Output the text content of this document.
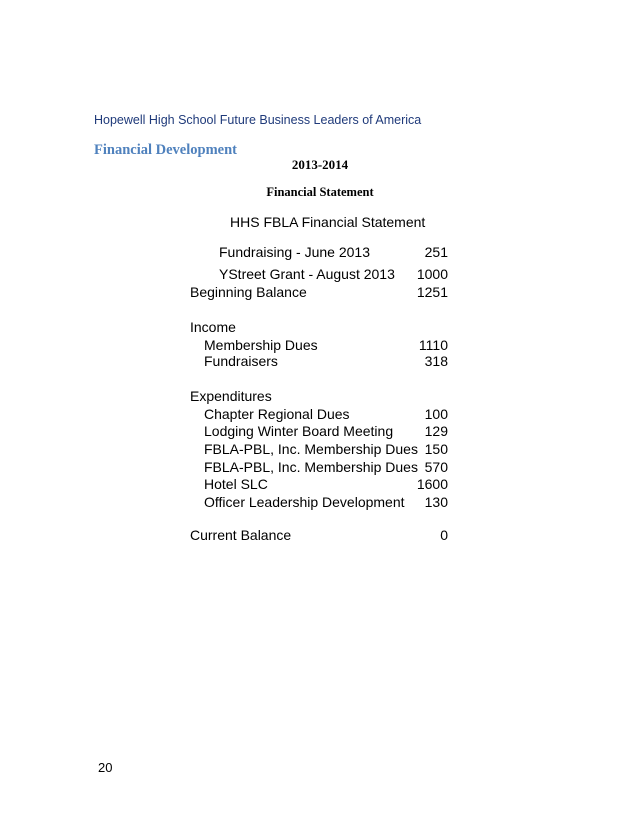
Hopewell High School Future Business Leaders of America
Financial Development
2013-2014
Financial Statement
HHS FBLA Financial Statement
Fundraising - June 2013	251
YStreet Grant - August 2013 1000
Beginning Balance	1251
Income
Membership Dues	1110
Fundraisers	318
Expenditures
Chapter Regional Dues	100
Lodging Winter Board Meeting 129
FBLA-PBL, Inc. Membership Dues 150
FBLA-PBL, Inc. Membership Dues 570
Hotel SLC	1600
Officer Leadership Development 130
Current Balance	0
20
